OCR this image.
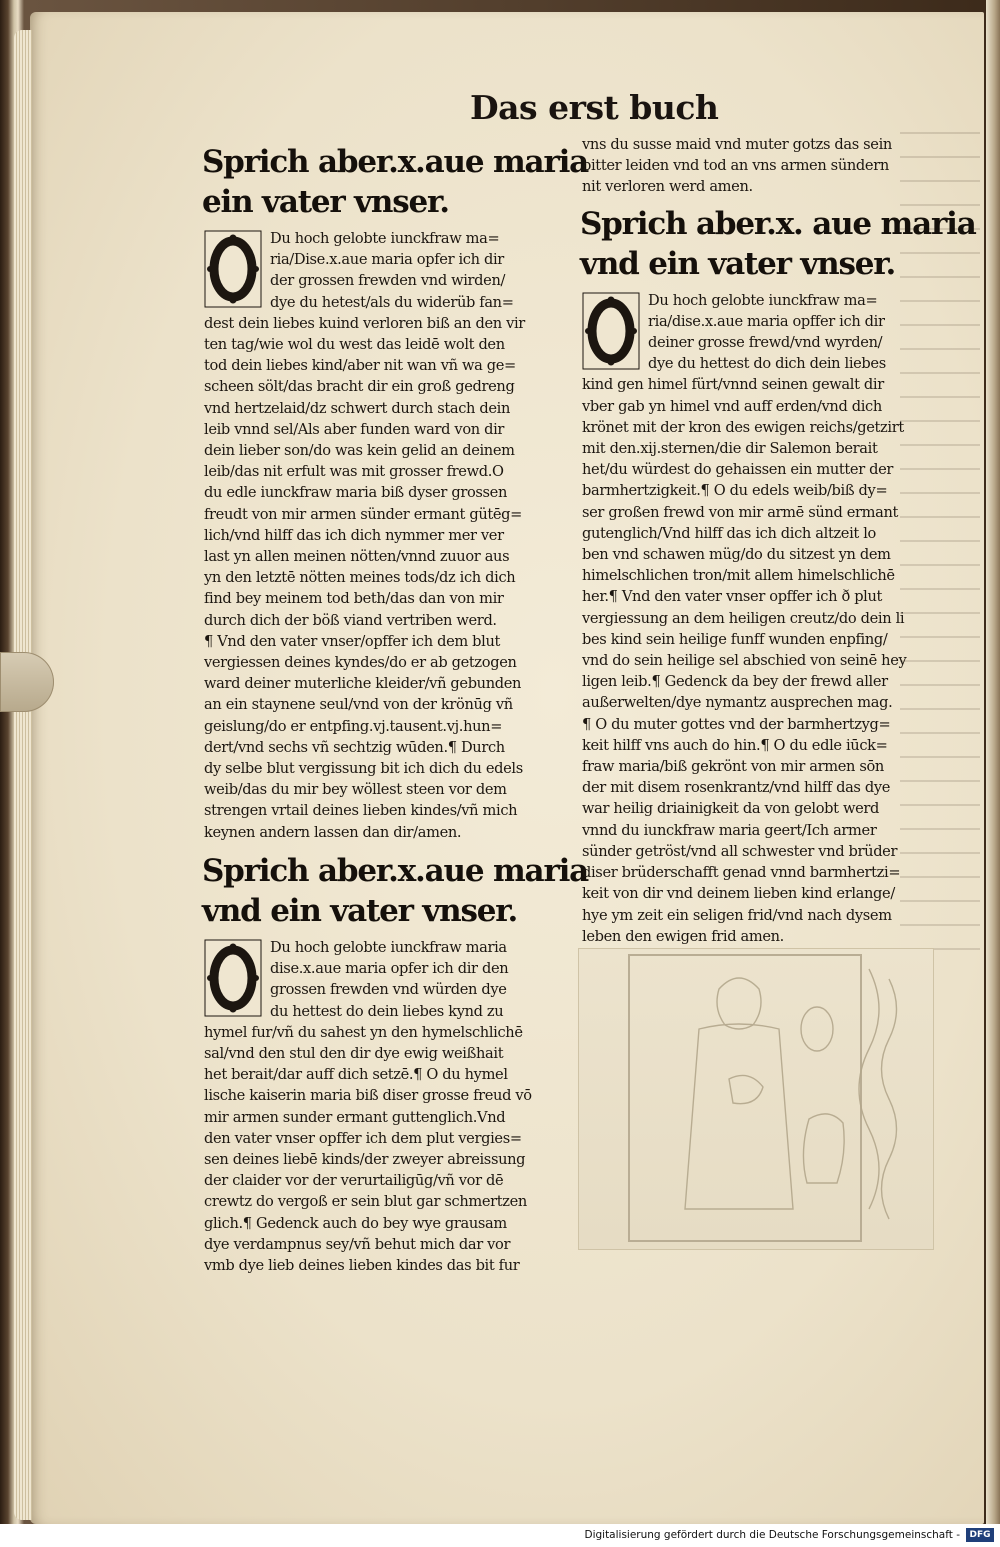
Das erst buch
Sprich aber.x.aue maria
ein vater vnser.
Du hoch gelobte iunckfraw ma=
ria/Dise.x.aue maria opfer ich dir
der grossen frewden vnd wirden/
dye du hetest/als du widerüb fan=
dest dein liebes kuind verloren biß an den vir
ten tag/wie wol du west das leidē wolt den
tod dein liebes kind/aber nit wan vñ wa ge=
scheen sölt/das bracht dir ein groß gedreng
vnd hertzelaid/dz schwert durch stach dein
leib vnnd sel/Als aber funden ward von dir
dein lieber son/do was kein gelid an deinem
leib/das nit erfult was mit grosser frewd.O
du edle iunckfraw maria biß dyser grossen
freudt von mir armen sünder ermant gütēg=
lich/vnd hilff das ich dich nymmer mer ver
last yn allen meinen nötten/vnnd zuuor aus
yn den letztē nötten meines tods/dz ich dich
find bey meinem tod beth/das dan von mir
durch dich der böß viand vertriben werd.
¶ Vnd den vater vnser/opffer ich dem blut
vergiessen deines kyndes/do er ab getzogen
ward deiner muterliche kleider/vñ gebunden
an ein staynene seul/vnd von der krönūg vñ
geislung/do er entpfing.vj.tausent.vj.hun=
dert/vnd sechs vñ sechtzig wūden.¶ Durch
dy selbe blut vergissung bit ich dich du edels
weib/das du mir bey wöllest steen vor dem
strengen vrtail deines lieben kindes/vñ mich
keynen andern lassen dan dir/amen.
Sprich aber.x.aue maria
vnd ein vater vnser.
Du hoch gelobte iunckfraw maria
dise.x.aue maria opfer ich dir den
grossen frewden vnd würden dye
du hettest do dein liebes kynd zu
hymel fur/vñ du sahest yn den hymelschlichē
sal/vnd den stul den dir dye ewig weißhait
het berait/dar auff dich setzē.¶ O du hymel
lische kaiserin maria biß diser grosse freud vō
mir armen sunder ermant guttenglich.Vnd
den vater vnser opffer ich dem plut vergies=
sen deines liebē kinds/der zweyer abreissung
der claider vor der verurtailigūg/vñ vor dē
crewtz do vergoß er sein blut gar schmertzen
glich.¶ Gedenck auch do bey wye grausam
dye verdampnus sey/vñ behut mich dar vor
vmb dye lieb deines lieben kindes das bit fur
vns du susse maid vnd muter gotzs das sein
bitter leiden vnd tod an vns armen sündern
nit verloren werd amen.
Sprich aber.x. aue maria
vnd ein vater vnser.
Du hoch gelobte iunckfraw ma=
ria/dise.x.aue maria opffer ich dir
deiner grosse frewd/vnd wyrden/
dye du hettest do dich dein liebes
kind gen himel fürt/vnnd seinen gewalt dir
vber gab yn himel vnd auff erden/vnd dich
krönet mit der kron des ewigen reichs/getzirt
mit den.xij.sternen/die dir Salemon berait
het/du würdest do gehaissen ein mutter der
barmhertzigkeit.¶ O du edels weib/biß dy=
ser großen frewd von mir armē sünd ermant
gutenglich/Vnd hilff das ich dich altzeit lo
ben vnd schawen müg/do du sitzest yn dem
himelschlichen tron/mit allem himelschlichē
her.¶ Vnd den vater vnser opffer ich ð plut
vergiessung an dem heiligen creutz/do dein li
bes kind sein heilige funff wunden enpfing/
vnd do sein heilige sel abschied von seinē hey
ligen leib.¶ Gedenck da bey der frewd aller
außerwelten/dye nymantz ausprechen mag.
¶ O du muter gottes vnd der barmhertzyg=
keit hilff vns auch do hin.¶ O du edle iūck=
fraw maria/biß gekrönt von mir armen sōn
der mit disem rosenkrantz/vnd hilff das dye
war heilig driainigkeit da von gelobt werd
vnnd du iunckfraw maria geert/Ich armer
sünder getröst/vnd all schwester vnd brüder
diser brüderschafft genad vnnd barmhertzi=
keit von dir vnd deinem lieben kind erlange/
hye ym zeit ein seligen frid/vnd nach dysem
leben den ewigen frid amen.
Digitalisierung gefördert durch die Deutsche Forschungsgemeinschaft -	DFG
